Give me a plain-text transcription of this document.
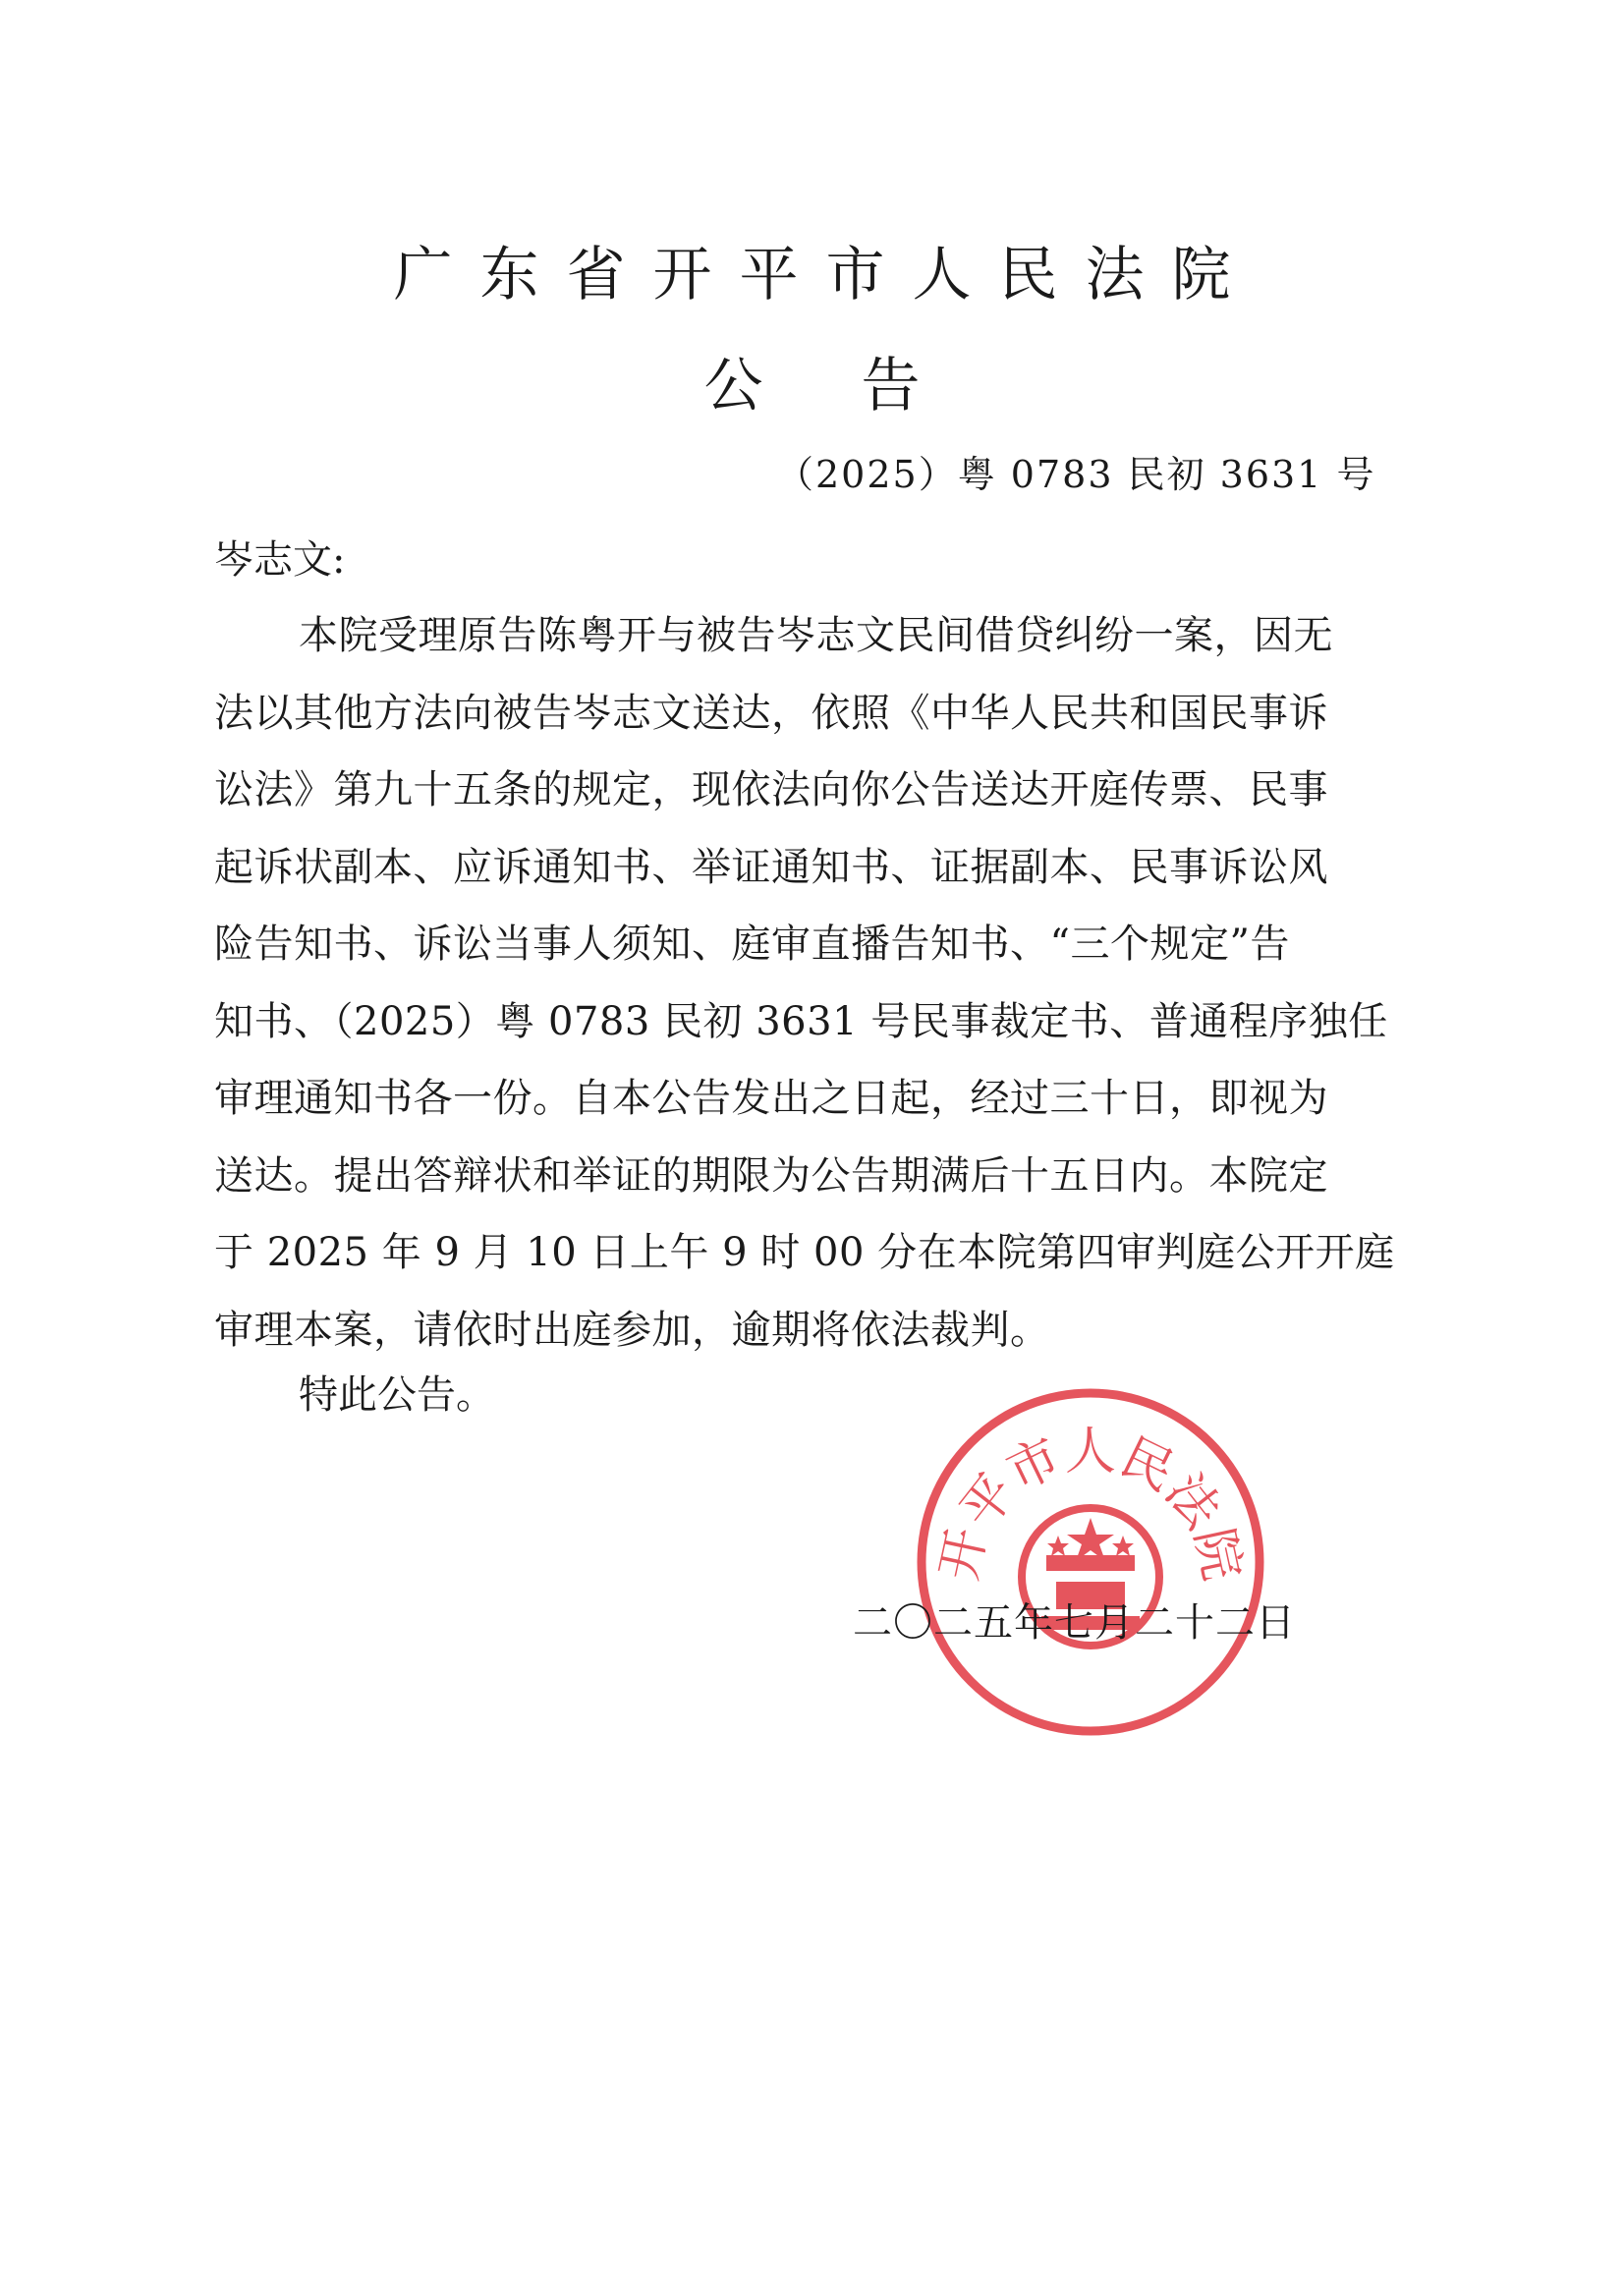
广东省开平市人民法院
公告
（2025）粤 0783 民初 3631 号
岑志文:
本院受理原告陈粤开与被告岑志文民间借贷纠纷一案，因无
法以其他方法向被告岑志文送达，依照《中华人民共和国民事诉
讼法》第九十五条的规定，现依法向你公告送达开庭传票、民事
起诉状副本、应诉通知书、举证通知书、证据副本、民事诉讼风
险告知书、诉讼当事人须知、庭审直播告知书、“三个规定”告
知书、（2025）粤 0783 民初 3631 号民事裁定书、普通程序独任
审理通知书各一份。自本公告发出之日起，经过三十日，即视为
送达。提出答辩状和举证的期限为公告期满后十五日内。本院定
于 2025 年 9 月 10 日上午 9 时 00 分在本院第四审判庭公开开庭
审理本案，请依时出庭参加，逾期将依法裁判。
特此公告。
开平市人民法院
二〇二五年七月二十二日
